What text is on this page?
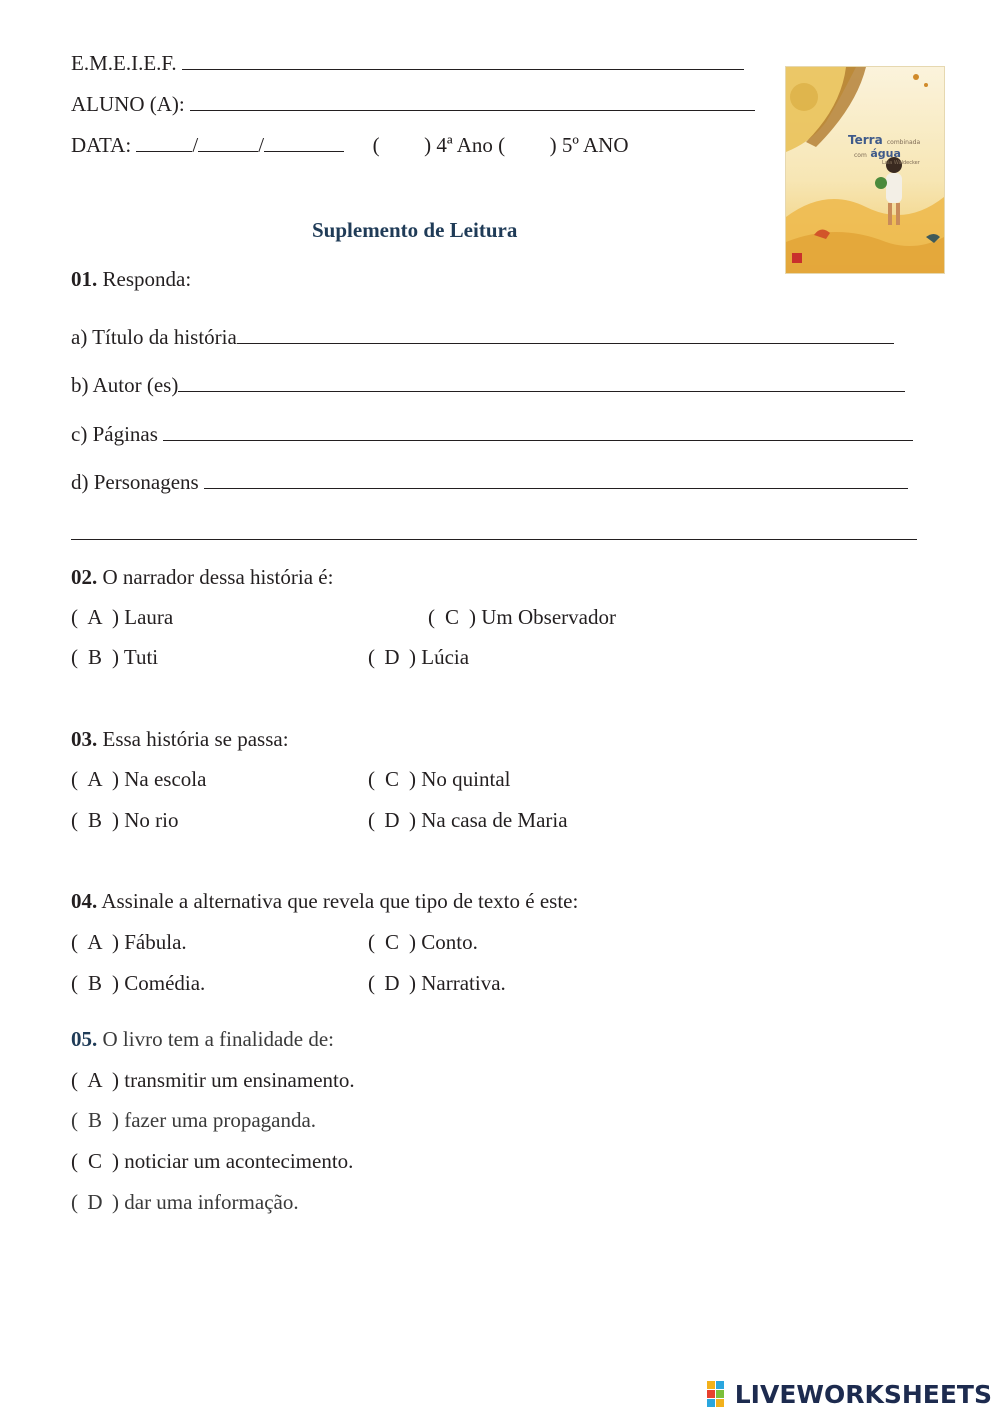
E.M.E.I.E.F.
ALUNO (A):
DATA:	/	/	( ) 4ª Ano ( ) 5º ANO	Terra combinada
com água
Laia Waldecker
Suplemento de Leitura
01. Responda:
a) Título da história
b) Autor (es)
c) Páginas
d) Personagens
02. O narrador dessa história é:
( A ) Laura	( C ) Um Observador
( B ) Tuti	( D ) Lúcia
03. Essa história se passa:
( A ) Na escola	( C ) No quintal
( B ) No rio	( D ) Na casa de Maria
04. Assinale a alternativa que revela que tipo de texto é este:
( A ) Fábula.	( C ) Conto.
( B ) Comédia.	( D ) Narrativa.
05. O livro tem a finalidade de:
( A ) transmitir um ensinamento.
( B ) fazer uma propaganda.
( C ) noticiar um acontecimento.
( D ) dar uma informação.
LIVEWORKSHEETS
